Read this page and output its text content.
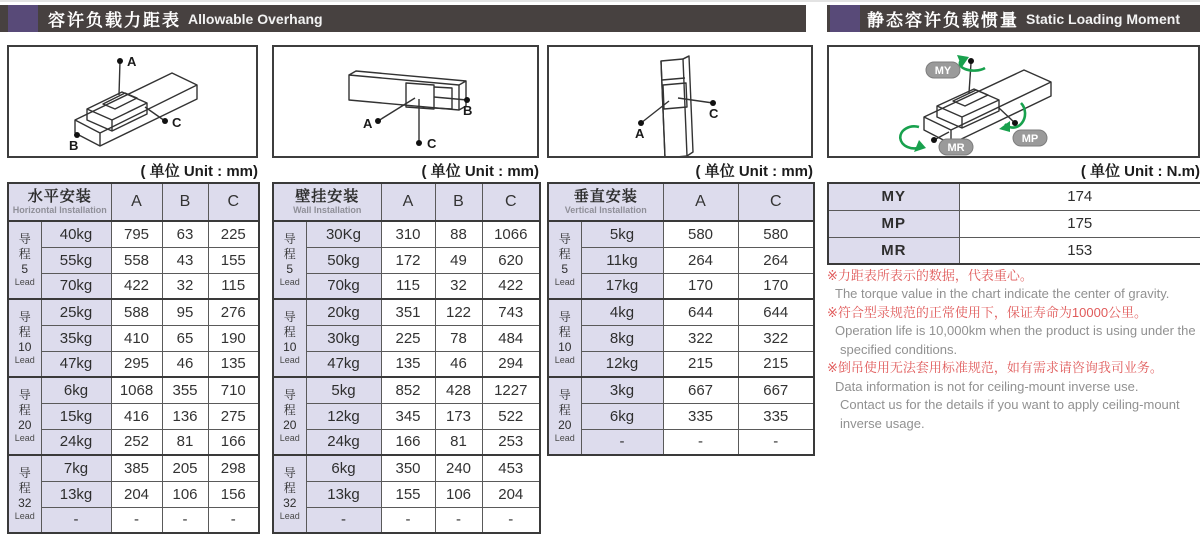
容许负载力距表 Allowable Overhang	静态容许负载惯量 Static Loading Moment
A
C
B
A
C
B
A
C
MY
MP
MR
( 单位 Unit : mm)	( 单位 Unit : mm)	( 单位 Unit : mm)	( 单位 Unit : N.m)
水平安装
Horizontal Installation		A	B	C

导程
5
Lead	40kg	795	63	225
	55kg	558	43	155
	70kg	422	32	115

导程
10
Lead	25kg	588	95	276
	35kg	410	65	190
	47kg	295	46	135

导程
20
Lead	6kg	1068	355	710
	15kg	416	136	275
	24kg	252	81	166

导程
32
Lead	7kg	385	205	298
	13kg	204	106	156
	-	-	-	-
壁挂安装
Wall Installation		A	B	C

导程
5
Lead	30Kg	310	88	1066
	50kg	172	49	620
	70kg	115	32	422

导程
10
Lead	20kg	351	122	743
	30kg	225	78	484
	47kg	135	46	294

导程
20
Lead	5kg	852	428	1227
	12kg	345	173	522
	24kg	166	81	253

导程
32
Lead	6kg	350	240	453
	13kg	155	106	204
	-	-	-	-
垂直安装
Vertical Installation		A	C

导程
5
Lead	5kg	580	580
	11kg	264	264
	17kg	170	170

导程
10
Lead	4kg	644	644
	8kg	322	322
	12kg	215	215

导程
20
Lead	3kg	667	667
	6kg	335	335
	-	-	-
MY	174
MP	175
MR	153
※力距表所表示的数据，代表重心。
The torque value in the chart indicate the center of gravity.
※符合型录规范的正常使用下，保证寿命为10000公里。
Operation life is 10,000km when the product is using under the
specified conditions.
※倒吊使用无法套用标准规范，如有需求请咨询我司业务。
Data information is not for ceiling-mount inverse use.
Contact us for the details if you want to apply ceiling-mount
inverse usage.
